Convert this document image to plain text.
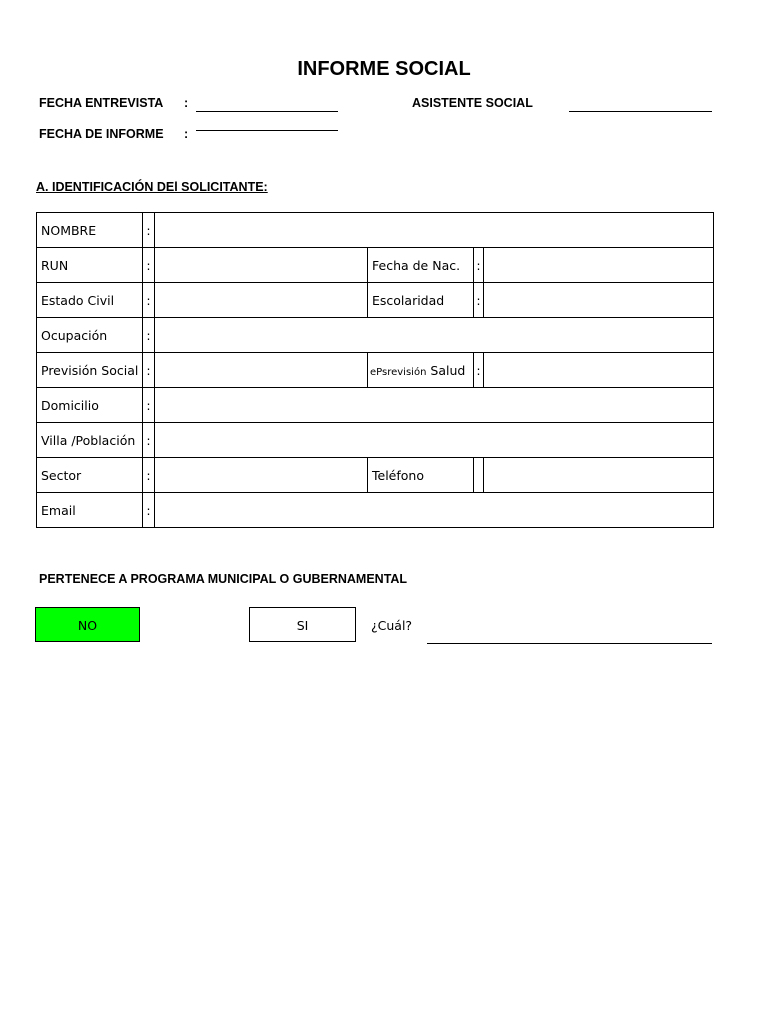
INFORME SOCIAL
FECHA ENTREVISTA :	ASISTENTE SOCIAL
FECHA DE INFORME :
A. IDENTIFICACIÓN DEl SOLICITANTE:
NOMBRE	:				
RUN	:		Fecha de Nac.	:	
Estado Civil	:		Escolaridad	:	
Ocupación	:				
Previsión Social	:		ePsrevisión Salud	:	
Domicilio	:				
Villa /Población	:				
Sector	:		Teléfono		
Email	:				
PERTENECE A PROGRAMA MUNICIPAL O GUBERNAMENTAL
NO	SI	¿Cuál?
